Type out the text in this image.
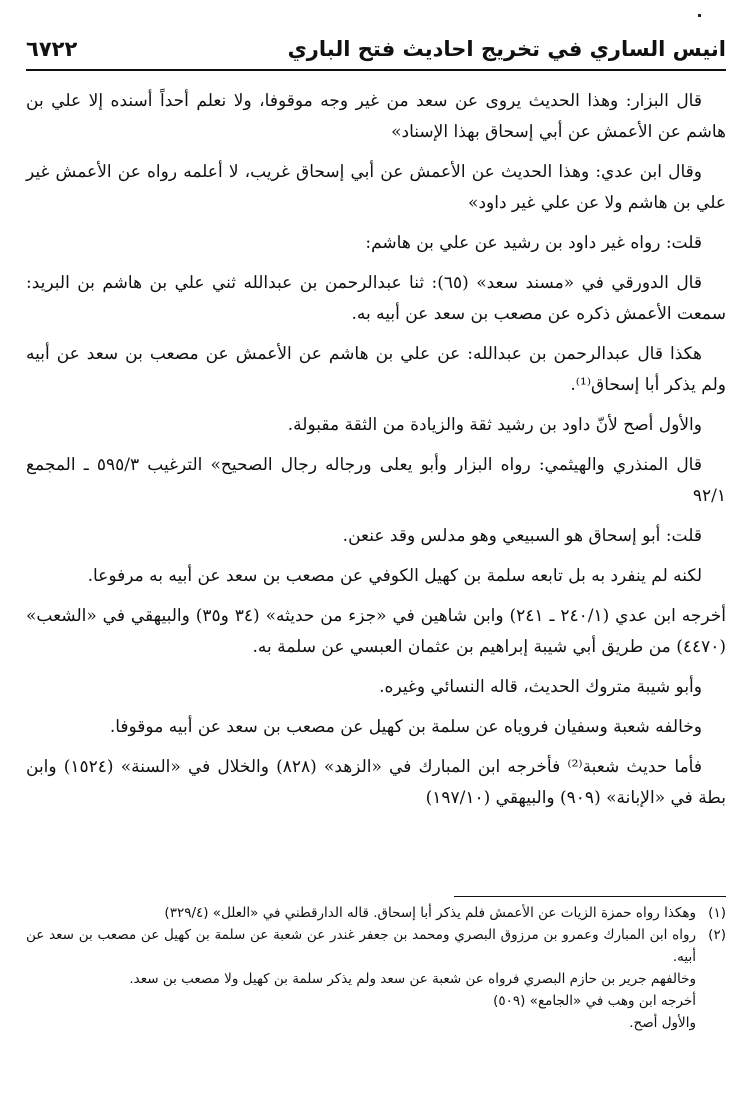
انيس الساري في تخريج احاديث فتح الباري
٦٧٢٢

قال البزار: وهذا الحديث يروى عن سعد من غير وجه موقوفا، ولا نعلم أحداً أسنده إلا علي بن هاشم عن الأعمش عن أبي إسحاق بهذا الإسناد»

وقال ابن عدي: وهذا الحديث عن الأعمش عن أبي إسحاق غريب، لا أعلمه رواه عن الأعمش غير علي بن هاشم ولا عن علي غير داود»

قلت: رواه غير داود بن رشيد عن علي بن هاشم:

قال الدورقي في «مسند سعد» (٦٥): ثنا عبدالرحمن بن عبدالله ثني علي بن هاشم بن البريد: سمعت الأعمش ذكره عن مصعب بن سعد عن أبيه به.

هكذا قال عبدالرحمن بن عبدالله: عن علي بن هاشم عن الأعمش عن مصعب بن سعد عن أبيه ولم يذكر أبا إسحاق⁽¹⁾.

والأول أصح لأنّ داود بن رشيد ثقة والزيادة من الثقة مقبولة.

قال المنذري والهيثمي: رواه البزار وأبو يعلى ورجاله رجال الصحيح» الترغيب ٥٩٥/٣ ـ المجمع ٩٢/١

قلت: أبو إسحاق هو السبيعي وهو مدلس وقد عنعن.

لكنه لم ينفرد به بل تابعه سلمة بن كهيل الكوفي عن مصعب بن سعد عن أبيه به مرفوعا.

أخرجه ابن عدي (٢٤٠/١ ـ ٢٤١) وابن شاهين في «جزء من حديثه» (٣٤ و٣٥) والبيهقي في «الشعب» (٤٤٧٠) من طريق أبي شيبة إبراهيم بن عثمان العبسي عن سلمة به.

وأبو شيبة متروك الحديث، قاله النسائي وغيره.

وخالفه شعبة وسفيان فروياه عن سلمة بن كهيل عن مصعب بن سعد عن أبيه موقوفا.

فأما حديث شعبة⁽²⁾ فأخرجه ابن المبارك في «الزهد» (٨٢٨) والخلال في «السنة» (١٥٢٤) وابن بطة في «الإبانة» (٩٠٩) والبيهقي (١٩٧/١٠)

(١)
وهكذا رواه حمزة الزيات عن الأعمش فلم يذكر أبا إسحاق. قاله الدارقطني في «العلل» (٣٢٩/٤)
(٢)
رواه ابن المبارك وعمرو بن مرزوق البصري ومحمد بن جعفر غندر عن شعبة عن سلمة بن كهيل عن مصعب بن سعد عن أبيه.
وخالفهم جرير بن حازم البصري فرواه عن شعبة عن سعد ولم يذكر سلمة بن كهيل ولا مصعب بن سعد.
أخرجه ابن وهب في «الجامع» (٥٠٩)
والأول أصح.
